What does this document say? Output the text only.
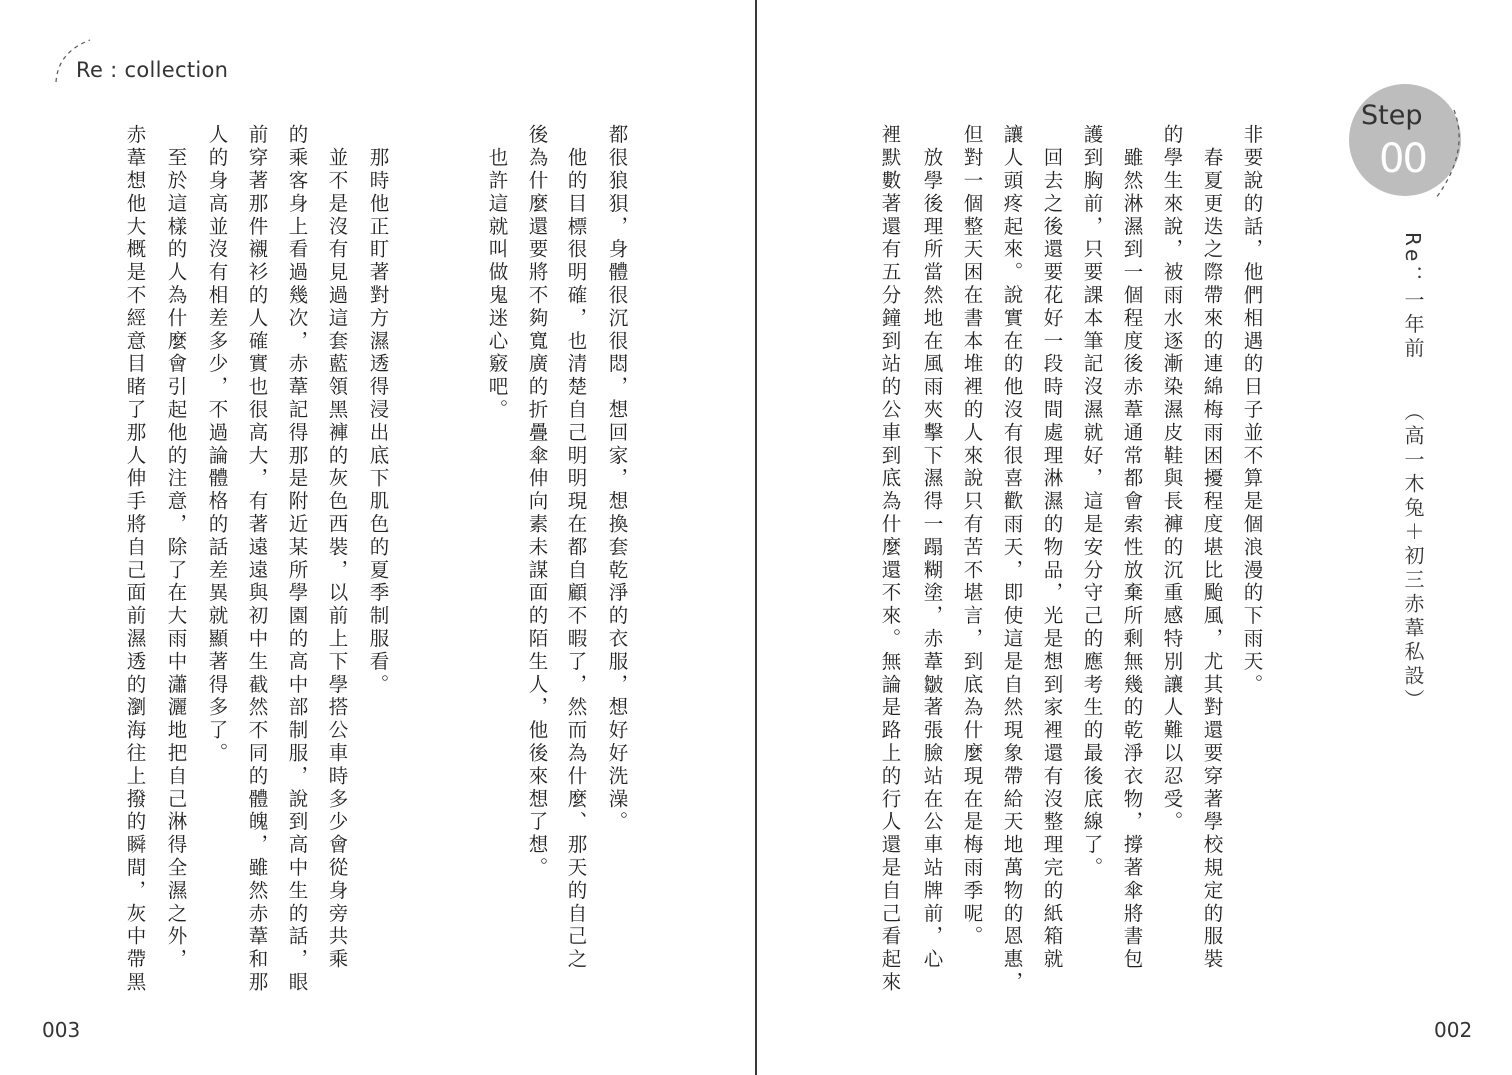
Re : collection
都很狼狽，身體很沉很悶，想回家，想換套乾淨的衣服，想好好洗澡。
　他的目標很明確，也清楚自己明明現在都自顧不暇了，然而為什麼、那天的自己之
後為什麼還要將不夠寬廣的折疊傘伸向素未謀面的陌生人，他後來想了想。
　也許這就叫做鬼迷心竅吧。
　那時他正盯著對方濕透得浸出底下肌色的夏季制服看。
　並不是沒有見過這套藍領黑褲的灰色西裝，以前上下學搭公車時多少會從身旁共乘
的乘客身上看過幾次，赤葦記得那是附近某所學園的高中部制服，說到高中生的話，眼
前穿著那件襯衫的人確實也很高大，有著遠遠與初中生截然不同的體魄，雖然赤葦和那
人的身高並沒有相差多少，不過論體格的話差異就顯著得多了。
　至於這樣的人為什麼會引起他的注意，除了在大雨中瀟灑地把自己淋得全濕之外，
赤葦想他大概是不經意目睹了那人伸手將自己面前濕透的瀏海往上撥的瞬間，灰中帶黑
003
非要說的話，他們相遇的日子並不算是個浪漫的下雨天。
　春夏更迭之際帶來的連綿梅雨困擾程度堪比颱風，尤其對還要穿著學校規定的服裝
的學生來說，被雨水逐漸染濕皮鞋與長褲的沉重感特別讓人難以忍受。
　雖然淋濕到一個程度後赤葦通常都會索性放棄所剩無幾的乾淨衣物，撐著傘將書包
護到胸前，只要課本筆記沒濕就好，這是安分守己的應考生的最後底線了。
　回去之後還要花好一段時間處理淋濕的物品，光是想到家裡還有沒整理完的紙箱就
讓人頭疼起來。說實在的他沒有很喜歡雨天，即使這是自然現象帶給天地萬物的恩惠，
但對一個整天困在書本堆裡的人來說只有苦不堪言，到底為什麼現在是梅雨季呢。
　放學後理所當然地在風雨夾擊下濕得一蹋糊塗，赤葦皺著張臉站在公車站牌前，心
裡默數著還有五分鐘到站的公車到底為什麼還不來。無論是路上的行人還是自己看起來
Step
00
Re：一年前（高一木兔＋初三赤葦私設）
002
